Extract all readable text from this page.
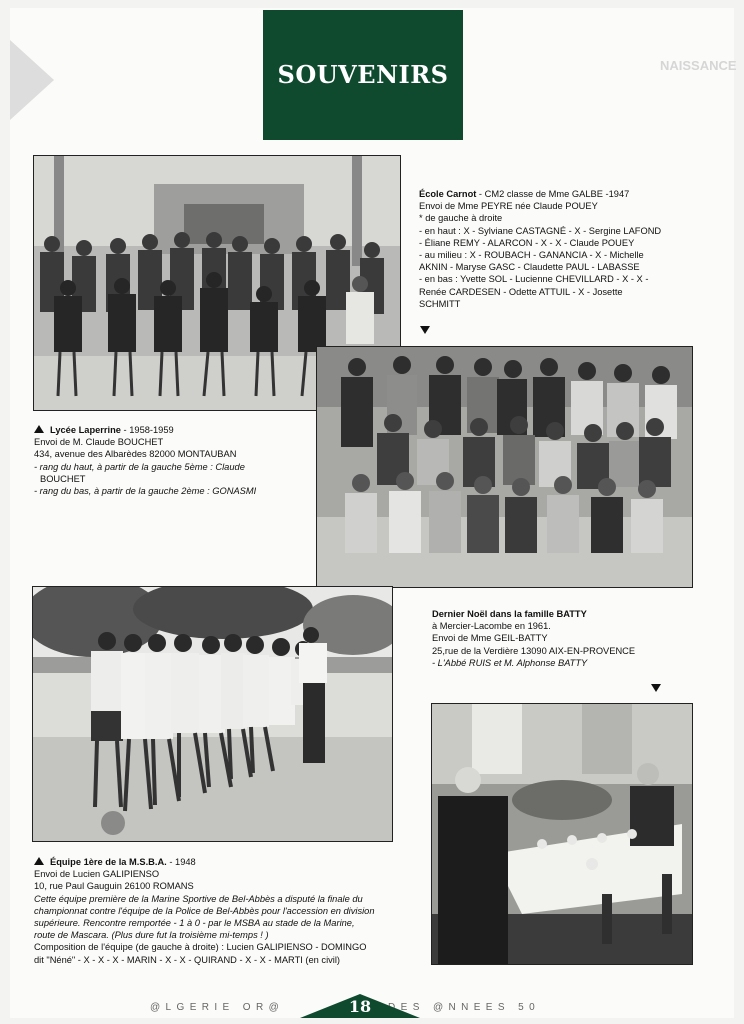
NAISSANCE
SOUVENIRS
Lycée Laperrine - 1958-1959
Envoi de M. Claude BOUCHET
434, avenue des Albarèdes 82000 MONTAUBAN
- rang du haut, à partir de la gauche 5ème : Claude
BOUCHET
- rang du bas, à partir de la gauche 2ème : GONASMI
École Carnot - CM2 classe de Mme GALBE -1947
Envoi de Mme PEYRE née Claude POUEY
* de gauche à droite
- en haut : X - Sylviane CASTAGNÉ - X - Sergine LAFOND
- Éliane REMY - ALARCON - X - X - Claude POUEY
- au milieu : X - ROUBACH - GANANCIA - X - Michelle
AKNIN - Maryse GASC - Claudette PAUL - LABASSE
- en bas : Yvette SOL - Lucienne CHEVILLARD - X - X -
Renée CARDESEN - Odette ATTUIL - X - Josette
SCHMITT
Dernier Noël dans la famille BATTY
à Mercier-Lacombe en 1961.
Envoi de Mme GEIL-BATTY
25,rue de la Verdière 13090 AIX-EN-PROVENCE
- L'Abbé RUIS et M. Alphonse BATTY
Équipe 1ère de la M.S.B.A. - 1948
Envoi de Lucien GALIPIENSO
10, rue Paul Gauguin 26100 ROMANS
Cette équipe première de la Marine Sportive de Bel-Abbès a disputé la finale du
championnat contre l'équipe de la Police de Bel-Abbès pour l'accession en division
supérieure. Rencontre remportée - 1 à 0 - par le MSBA au stade de la Marine,
route de Mascara. (Plus dure fut la troisième mi-temps ! )
Composition de l'équipe (de gauche à droite) : Lucien GALIPIENSO - DOMINGO
dit "Néné" - X - X - X - MARIN - X - X - QUIRAND - X - X - MARTI (en civil)
@LGERIE OR@	DES @NNEES 50
18
